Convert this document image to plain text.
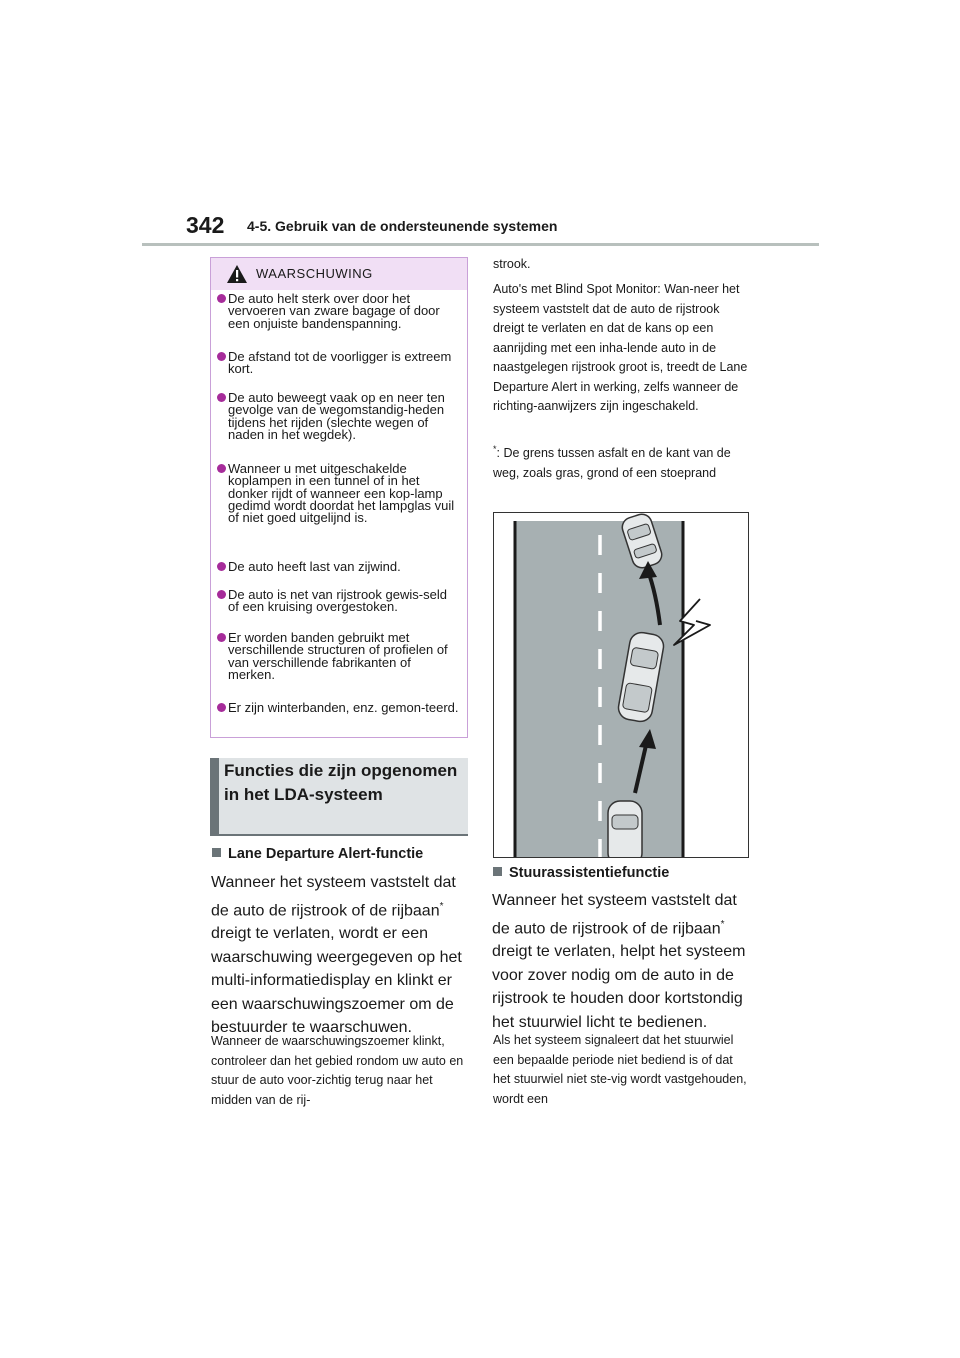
342 4-5. Gebruik van de ondersteunende systemen
WAARSCHUWING
De auto helt sterk over door het vervoeren van zware bagage of door een onjuiste bandenspanning.
De afstand tot de voorligger is extreem kort.
De auto beweegt vaak op en neer ten gevolge van de wegomstandig-heden tijdens het rijden (slechte wegen of naden in het wegdek).
Wanneer u met uitgeschakelde koplampen in een tunnel of in het donker rijdt of wanneer een kop-lamp gedimd wordt doordat het lampglas vuil of niet goed uitgelijnd is.
De auto heeft last van zijwind.
De auto is net van rijstrook gewis-seld of een kruising overgestoken.
Er worden banden gebruikt met verschillende structuren of profielen of van verschillende fabrikanten of merken.
Er zijn winterbanden, enz. gemon-teerd.
Functies die zijn opgenomen in het LDA-systeem
Lane Departure Alert-functie
Wanneer het systeem vaststelt dat de auto de rijstrook of de rijbaan* dreigt te verlaten, wordt er een waarschuwing weergegeven op het multi-informatiedisplay en klinkt er een waarschuwingszoemer om de bestuurder te waarschuwen.
Wanneer de waarschuwingszoemer klinkt, controleer dan het gebied rondom uw auto en stuur de auto voor-zichtig terug naar het midden van de rij-
strook.
Auto's met Blind Spot Monitor: Wan-neer het systeem vaststelt dat de auto de rijstrook dreigt te verlaten en dat de kans op een aanrijding met een inha-lende auto in de naastgelegen rijstrook groot is, treedt de Lane Departure Alert in werking, zelfs wanneer de richting-aanwijzers zijn ingeschakeld.
*: De grens tussen asfalt en de kant van de weg, zoals gras, grond of een stoeprand
Stuurassistentiefunctie
Wanneer het systeem vaststelt dat de auto de rijstrook of de rijbaan* dreigt te verlaten, helpt het systeem voor zover nodig om de auto in de rijstrook te houden door kortstondig het stuurwiel licht te bedienen.
Als het systeem signaleert dat het stuurwiel een bepaalde periode niet bediend is of dat het stuurwiel niet ste-vig wordt vastgehouden, wordt een
